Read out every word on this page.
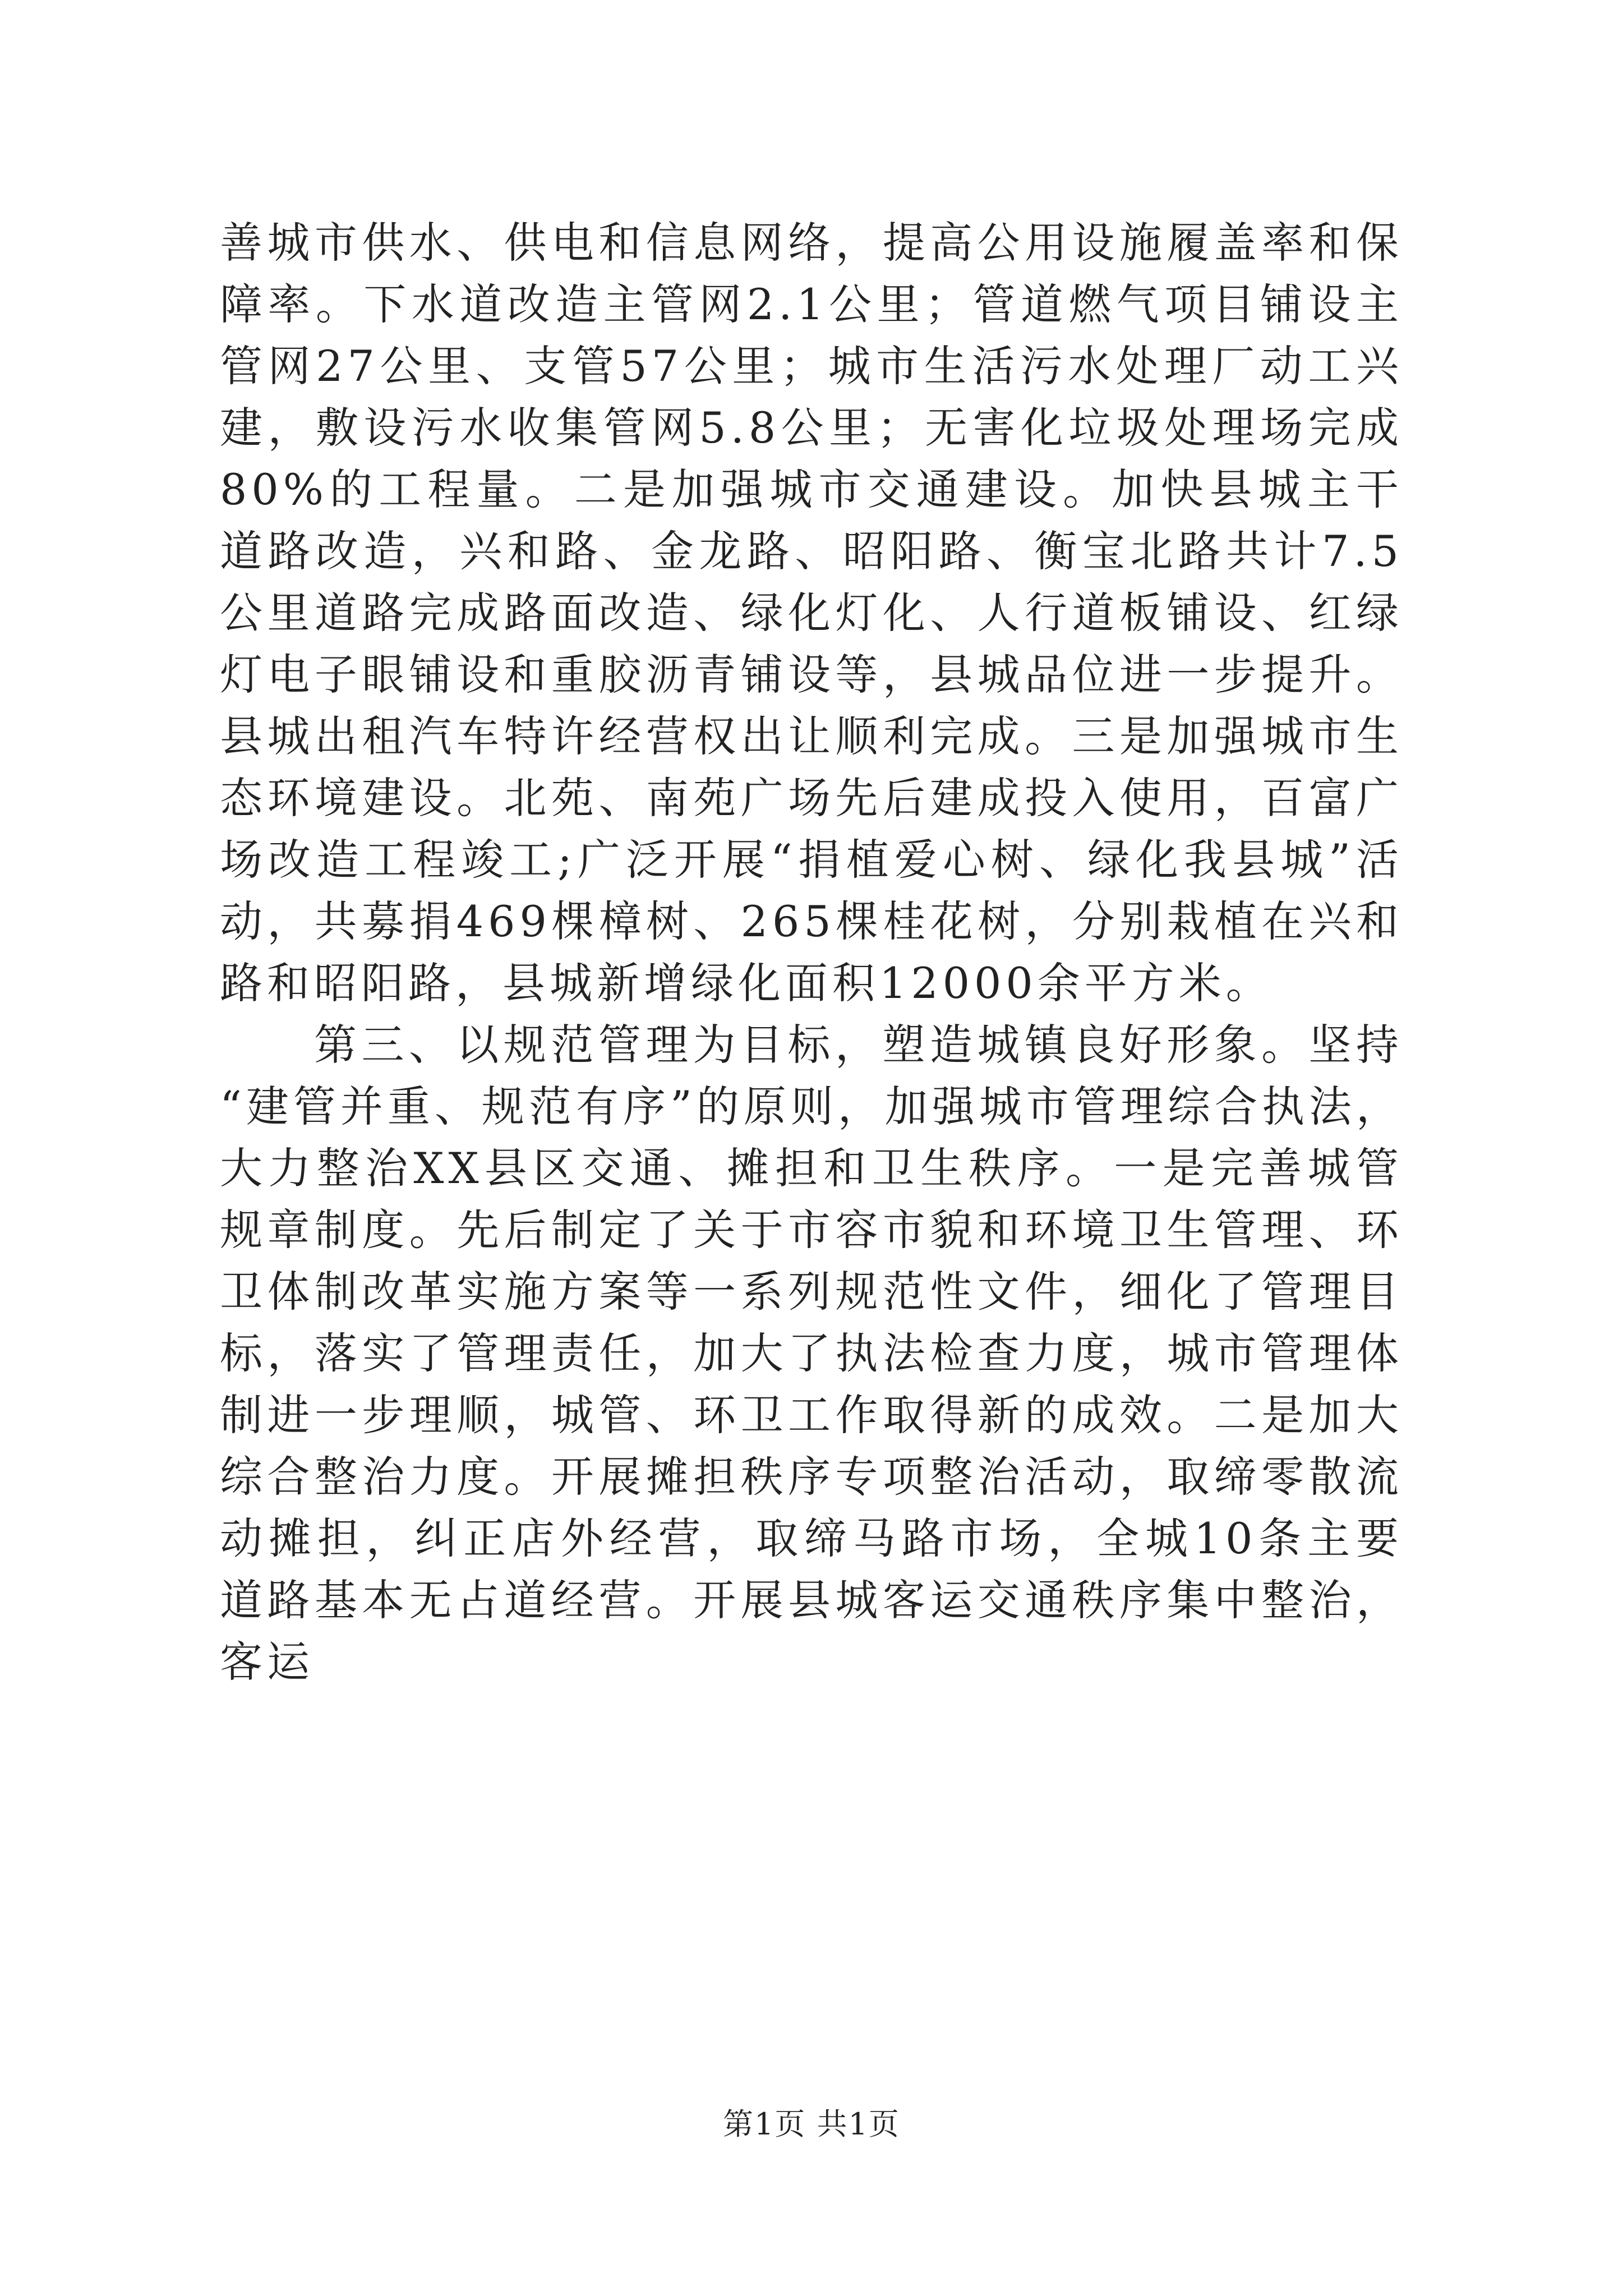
善城市供水、供电和信息网络，提高公用设施履盖率和保障率。下水道改造主管网2.1公里；管道燃气项目铺设主管网27公里、支管57公里；城市生活污水处理厂动工兴建，敷设污水收集管网5.8公里；无害化垃圾处理场完成80%的工程量。二是加强城市交通建设。加快县城主干道路改造，兴和路、金龙路、昭阳路、衡宝北路共计7.5公里道路完成路面改造、绿化灯化、人行道板铺设、红绿灯电子眼铺设和重胶沥青铺设等，县城品位进一步提升。县城出租汽车特许经营权出让顺利完成。三是加强城市生态环境建设。北苑、南苑广场先后建成投入使用，百富广场改造工程竣工;广泛开展“捐植爱心树、绿化我县城”活动，共募捐469棵樟树、265棵桂花树，分别栽植在兴和路和昭阳路，县城新增绿化面积12000余平方米。

第三、以规范管理为目标，塑造城镇良好形象。坚持“建管并重、规范有序”的原则，加强城市管理综合执法，大力整治XX县区交通、摊担和卫生秩序。一是完善城管规章制度。先后制定了关于市容市貌和环境卫生管理、环卫体制改革实施方案等一系列规范性文件，细化了管理目标，落实了管理责任，加大了执法检查力度，城市管理体制进一步理顺，城管、环卫工作取得新的成效。二是加大综合整治力度。开展摊担秩序专项整治活动，取缔零散流动摊担，纠正店外经营，取缔马路市场，全城10条主要道路基本无占道经营。开展县城客运交通秩序集中整治，客运

第1页 共1页
